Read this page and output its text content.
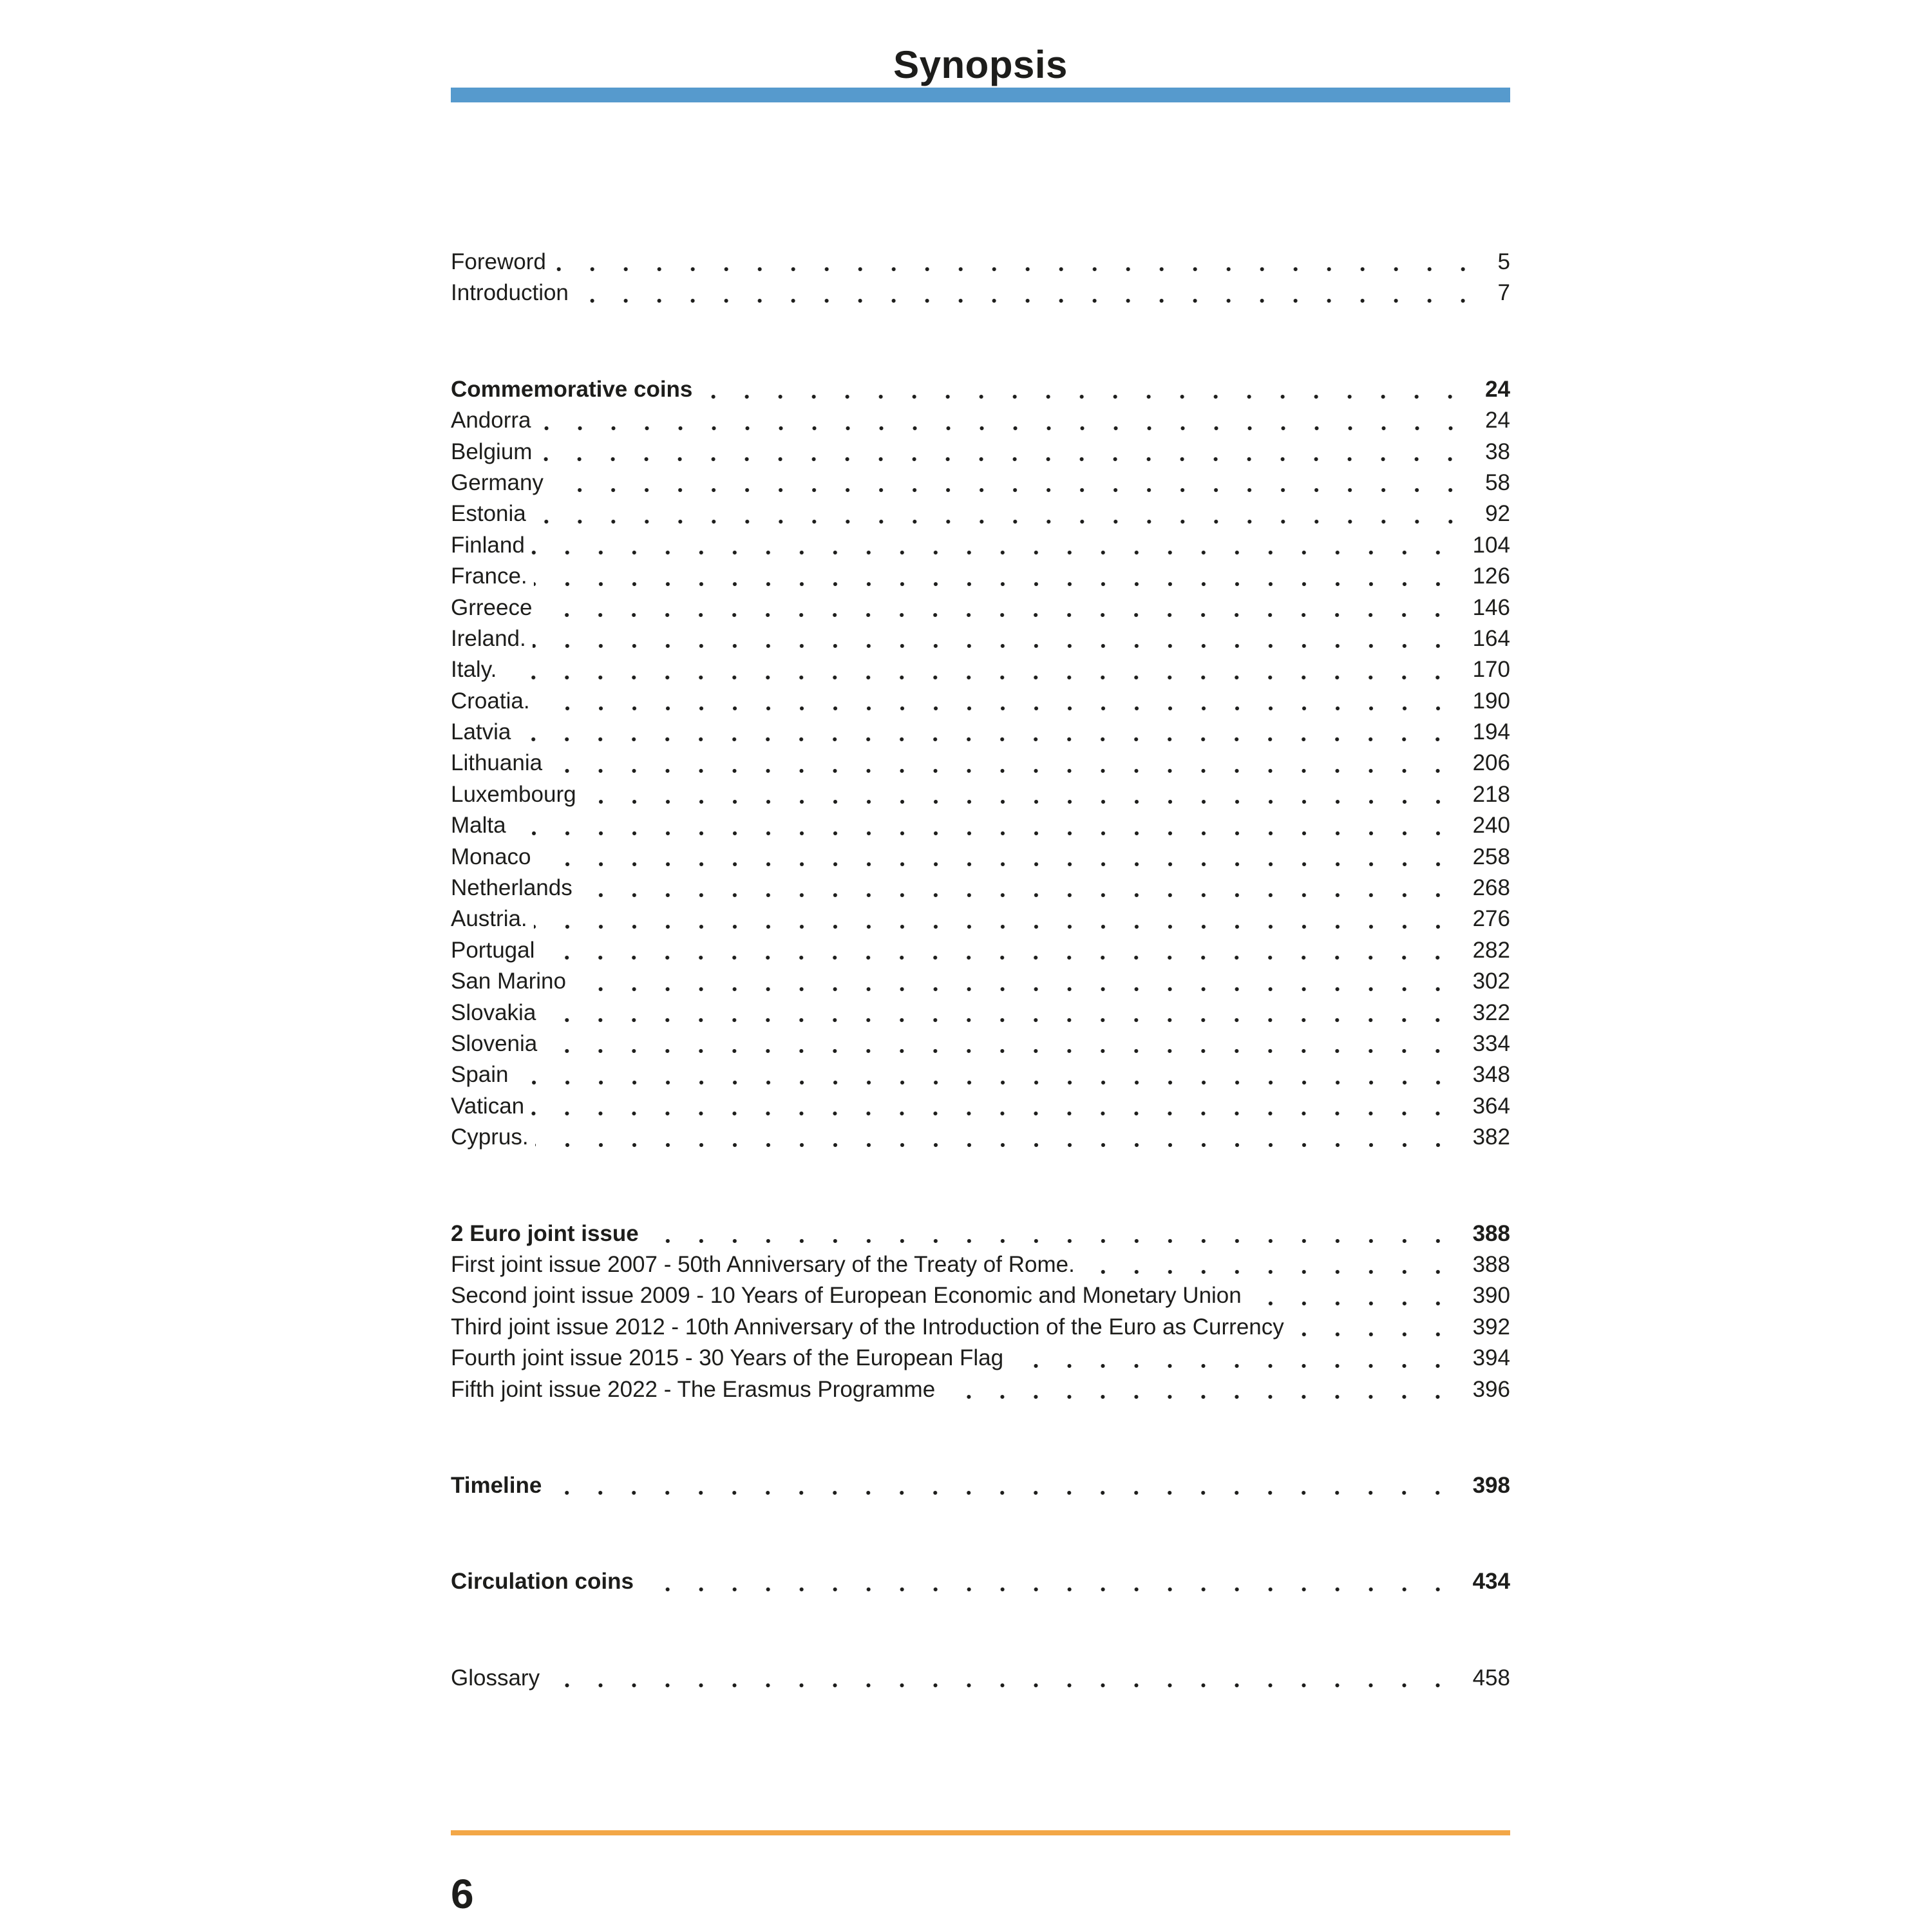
Synopsis
Foreword	5
Introduction	7
Commemorative coins	24
Andorra	24
Belgium	38
Germany	58
Estonia	92
Finland	104
France.	126
Grreece	146
Ireland.	164
Italy.	170
Croatia.	190
Latvia	194
Lithuania	206
Luxembourg	218
Malta	240
Monaco	258
Netherlands	268
Austria.	276
Portugal	282
San Marino	302
Slovakia	322
Slovenia	334
Spain	348
Vatican	364
Cyprus.	382
2 Euro joint issue	388
First joint issue 2007 - 50th Anniversary of the Treaty of Rome.	388
Second joint issue 2009 - 10 Years of European Economic and Monetary Union	390
Third joint issue 2012 - 10th Anniversary of the Introduction of the Euro as Currency	392
Fourth joint issue 2015 - 30 Years of the European Flag	394
Fifth joint issue 2022 - The Erasmus Programme	396
Timeline	398
Circulation coins	434
Glossary	458
6
